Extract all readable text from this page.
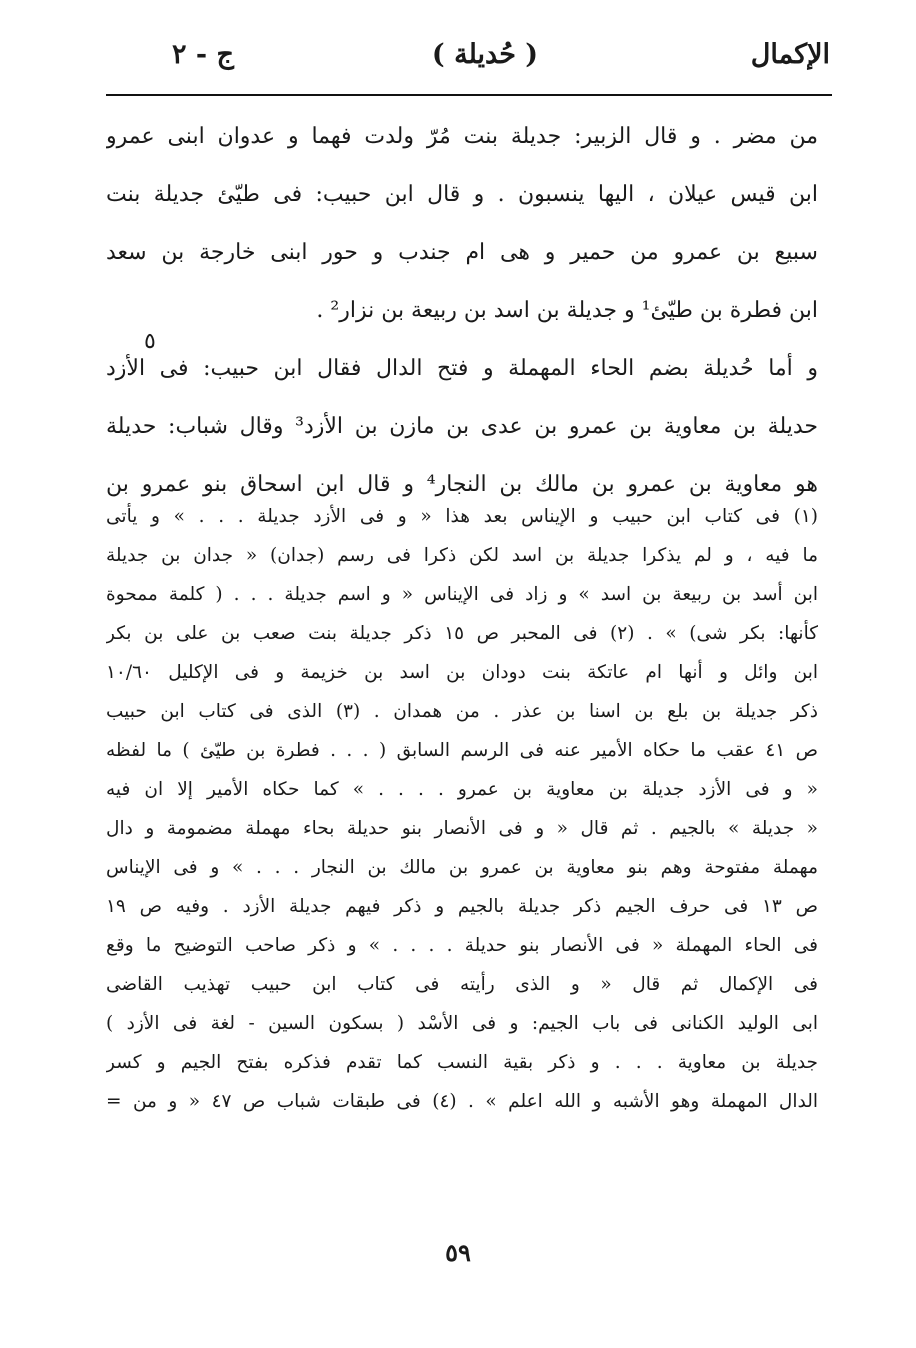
الإكمال
( حُديلة )
ج - ٢
من مضر . و قال الزبير: جديلة بنت مُرّ ولدت فهما و عدوان ابنى عمرو
ابن قيس عيلان ، اليها ينسبون . و قال ابن حبيب: فى طيّئ جديلة بنت
سبيع بن عمرو من حمير و هى ام جندب و حور ابنى خارجة بن سعد
ابن فطرة بن طيّئ¹ و جديلة بن اسد بن ربيعة بن نزار² .
و أما حُديلة بضم الحاء المهملة و فتح الدال فقال ابن حبيب: فى الأزد
حديلة بن معاوية بن عمرو بن عدى بن مازن بن الأزد³ وقال شباب: حديلة
هو معاوية بن عمرو بن مالك بن النجار⁴ و قال ابن اسحاق بنو عمرو بن
٥
(١) فى كتاب ابن حبيب و الإيناس بعد هذا « و فى الأزد جديلة . . . » و يأتى
ما فيه ، و لم يذكرا جديلة بن اسد لكن ذكرا فى رسم (جدان) « جدان بن جديلة
ابن أسد بن ربيعة بن اسد » و زاد فى الإيناس « و اسم جديلة . . . ( كلمة ممحوة
كأنها: بكر شى) » . (٢) فى المحبر ص ١٥ ذكر جديلة بنت صعب بن على بن بكر
ابن وائل و أنها ام عاتكة بنت دودان بن اسد بن خزيمة و فى الإكليل ١٠/٦٠
ذكر جديلة بن بلع بن اسنا بن عذر . من همدان . (٣) الذى فى كتاب ابن حبيب
ص ٤١ عقب ما حكاه الأمير عنه فى الرسم السابق ( . . . فطرة بن طيّئ ) ما لفظه
« و فى الأزد جديلة بن معاوية بن عمرو . . . . » كما حكاه الأمير إلا ان فيه
« جديلة » بالجيم . ثم قال « و فى الأنصار بنو حديلة بحاء مهملة مضمومة و دال
مهملة مفتوحة وهم بنو معاوية بن عمرو بن مالك بن النجار . . . » و فى الإيناس
ص ١٣ فى حرف الجيم ذكر جديلة بالجيم و ذكر فيهم جديلة الأزد . وفيه ص ١٩
فى الحاء المهملة « فى الأنصار بنو حديلة . . . . » و ذكر صاحب التوضيح ما وقع
فى الإكمال ثم قال « و الذى رأيته فى كتاب ابن حبيب تهذيب القاضى
ابى الوليد الكنانى فى باب الجيم: و فى الأسْد ( بسكون السين - لغة فى الأزد )
جديلة بن معاوية . . . و ذكر بقية النسب كما تقدم فذكره بفتح الجيم و كسر
الدال المهملة وهو الأشبه و الله اعلم » . (٤) فى طبقات شباب ص ٤٧ « و من =
٥٩
